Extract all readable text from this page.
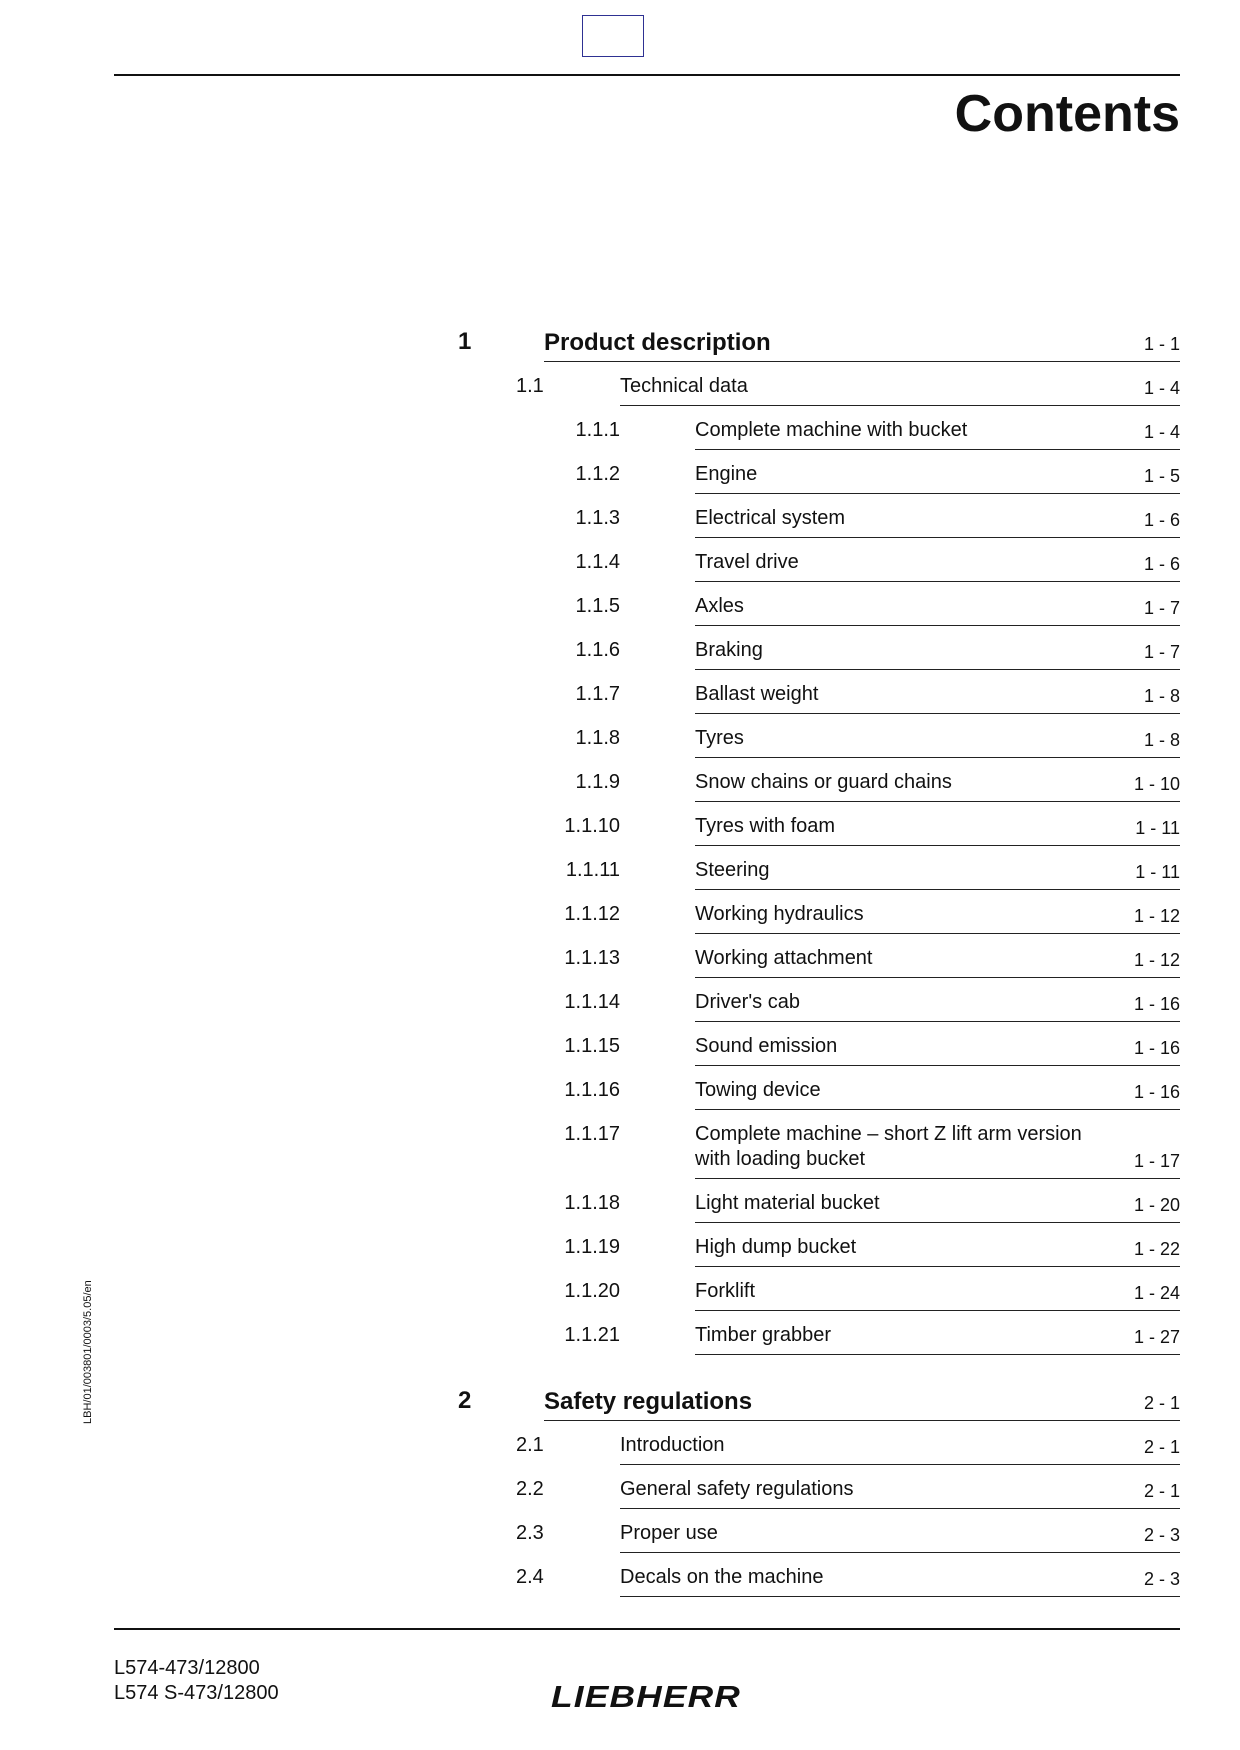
Contents
LBH/01/003801/0003/5.05/en
1	Product description	1 - 1
1.1	Technical data	1 - 4
1.1.1	Complete machine with bucket	1 - 4
1.1.2	Engine	1 - 5
1.1.3	Electrical system	1 - 6
1.1.4	Travel drive	1 - 6
1.1.5	Axles	1 - 7
1.1.6	Braking	1 - 7
1.1.7	Ballast weight	1 - 8
1.1.8	Tyres	1 - 8
1.1.9	Snow chains or guard chains	1 - 10
1.1.10	Tyres with foam	1 - 11
1.1.11	Steering	1 - 11
1.1.12	Working hydraulics	1 - 12
1.1.13	Working attachment	1 - 12
1.1.14	Driver's cab	1 - 16
1.1.15	Sound emission	1 - 16
1.1.16	Towing device	1 - 16
1.1.17	Complete machine – short Z lift arm version
with loading bucket	1 - 17
1.1.18	Light material bucket	1 - 20
1.1.19	High dump bucket	1 - 22
1.1.20	Forklift	1 - 24
1.1.21	Timber grabber	1 - 27
2	Safety regulations	2 - 1
2.1	Introduction	2 - 1
2.2	General safety regulations	2 - 1
2.3	Proper use	2 - 3
2.4	Decals on the machine	2 - 3
L574-473/12800
L574 S-473/12800	LIEBHERR
